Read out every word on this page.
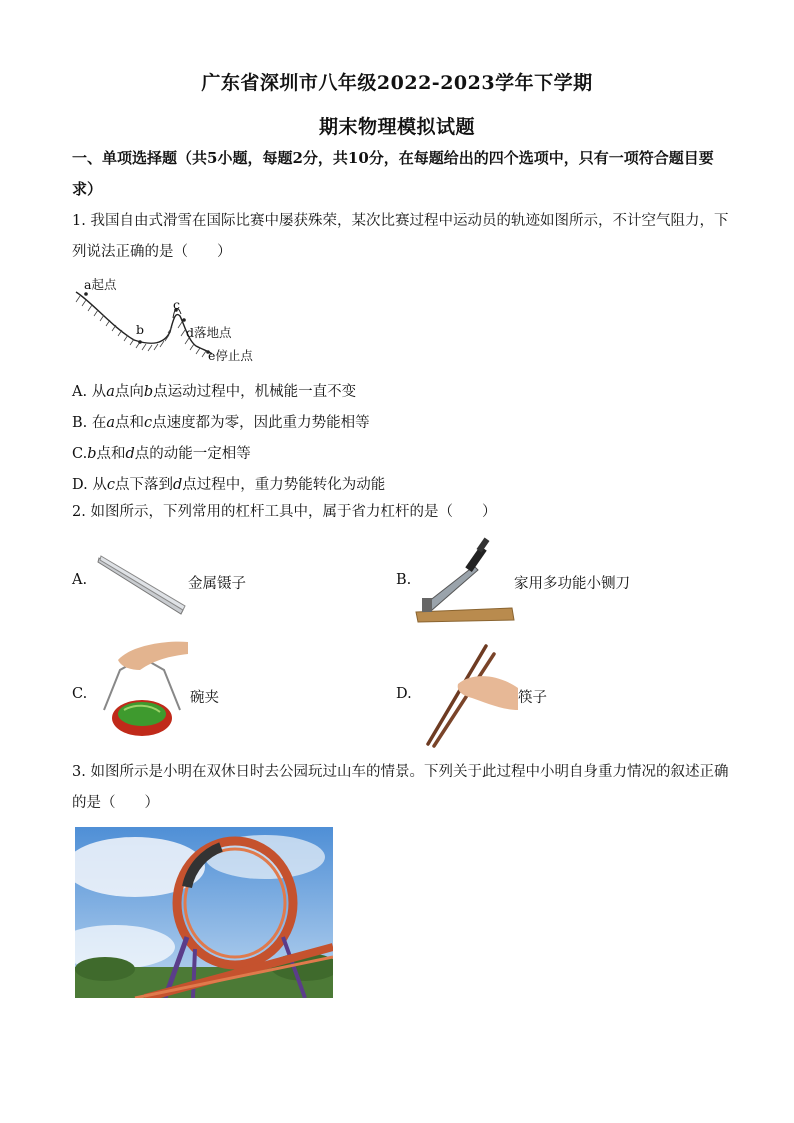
广东省深圳市八年级2022-2023学年下学期
期末物理模拟试题
一、单项选择题（共5小题，每题2分，共10分，在每题给出的四个选项中，只有一项符合题目要求）
1. 我国自由式滑雪在国际比赛中屡获殊荣，某次比赛过程中运动员的轨迹如图所示，不计空气阻力，下列说法正确的是（　　）
a起点
b
c
d落地点
e停止点
A. 从a点向b点运动过程中，机械能一直不变
B. 在a点和c点速度都为零，因此重力势能相等
C.b点和d点的动能一定相等
D. 从c点下落到d点过程中，重力势能转化为动能
2. 如图所示，下列常用的杠杆工具中，属于省力杠杆的是（　　）
A.	金属镊子	B.	家用多功能小铡刀
C.	碗夹	D.	筷子
3. 如图所示是小明在双休日时去公园玩过山车的情景。下列关于此过程中小明自身重力情况的叙述正确的是（　　）
